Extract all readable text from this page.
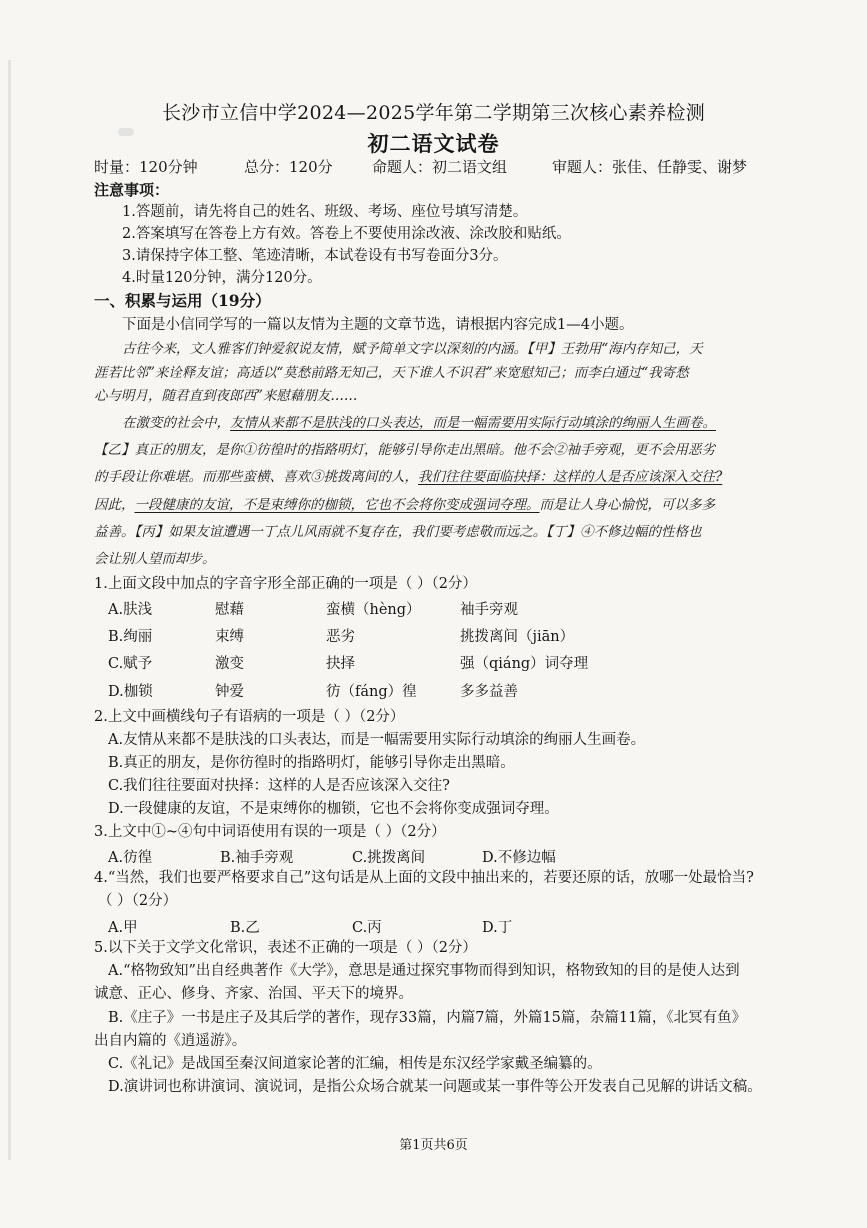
长沙市立信中学2024—2025学年第二学期第三次核心素养检测
初二语文试卷
时量：120分钟	总分：120分	命题人：初二语文组	审题人：张佳、任静雯、谢梦
注意事项：
1.答题前，请先将自己的姓名、班级、考场、座位号填写清楚。
2.答案填写在答卷上方有效。答卷上不要使用涂改液、涂改胶和贴纸。
3.请保持字体工整、笔迹清晰，本试卷设有书写卷面分3分。
4.时量120分钟，满分120分。
一、积累与运用（19分）
下面是小信同学写的一篇以友情为主题的文章节选，请根据内容完成1—4小题。
古往今来，文人雅客们钟爱叙说友情，赋予简单文字以深刻的内涵。【甲】王勃用“海内存知己，天
涯若比邻”来诠释友谊；高适以“莫愁前路无知己，天下谁人不识君”来宽慰知己；而李白通过“我寄愁
心与明月，随君直到夜郎西”来慰藉朋友……
在激变的社会中，友情从来都不是肤浅的口头表达，而是一幅需要用实际行动填涂的绚丽人生画卷。
【乙】真正的朋友，是你①彷徨时的指路明灯，能够引导你走出黑暗。他不会②袖手旁观，更不会用恶劣
的手段让你难堪。而那些蛮横、喜欢③挑拨离间的人，我们往往要面临抉择：这样的人是否应该深入交往?
因此，一段健康的友谊，不是束缚你的枷锁，它也不会将你变成强词夺理。而是让人身心愉悦，可以多多
益善。【丙】如果友谊遭遇一丁点儿风雨就不复存在，我们要考虑敬而远之。【丁】④不修边幅的性格也
会让别人望而却步。
1.上面文段中加点的字音字形全部正确的一项是（ ）（2分）
A.肤浅	慰藉	蛮横（hèng）	袖手旁观
B.绚丽	束缚	恶劣	挑拨离间（jiān）
C.赋予	激变	抉择	强（qiáng）词夺理
D.枷锁	钟爱	彷（fáng）徨	多多益善
2.上文中画横线句子有语病的一项是（ ）（2分）
A.友情从来都不是肤浅的口头表达，而是一幅需要用实际行动填涂的绚丽人生画卷。
B.真正的朋友，是你彷徨时的指路明灯，能够引导你走出黑暗。
C.我们往往要面对抉择：这样的人是否应该深入交往?
D.一段健康的友谊，不是束缚你的枷锁，它也不会将你变成强词夺理。
3.上文中①~④句中词语使用有误的一项是（ ）（2分）
A.彷徨	B.袖手旁观	C.挑拨离间	D.不修边幅
4.“当然，我们也要严格要求自己”这句话是从上面的文段中抽出来的，若要还原的话，放哪一处最恰当?
（ ）（2分）
A.甲	B.乙	C.丙	D.丁
5.以下关于文学文化常识，表述不正确的一项是（ ）（2分）
A.“格物致知”出自经典著作《大学》，意思是通过探究事物而得到知识，格物致知的目的是使人达到
诚意、正心、修身、齐家、治国、平天下的境界。
B.《庄子》一书是庄子及其后学的著作，现存33篇，内篇7篇，外篇15篇，杂篇11篇，《北冥有鱼》
出自内篇的《逍遥游》。
C.《礼记》是战国至秦汉间道家论著的汇编，相传是东汉经学家戴圣编纂的。
D.演讲词也称讲演词、演说词，是指公众场合就某一问题或某一事件等公开发表自己见解的讲话文稿。
第1页共6页
